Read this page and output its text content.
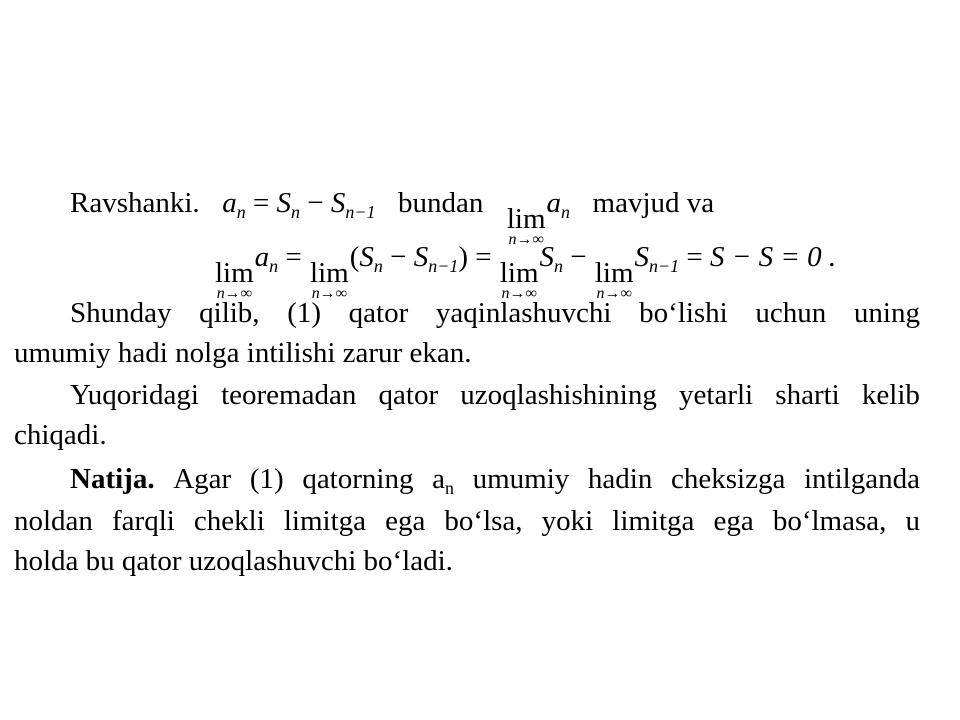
Ravshanki. $a_n = S_n - S_{n-1}$ bundan lim
n→∞
$a_n$ mavjud va
lim
n→∞
$a_n = \lim$
n→∞
$(S_n - S_{n-1}) = \lim$
n→∞
$S_n - \lim$
n→∞
$S_{n-1} = S - S = 0$ .
Shunday qilib, (1) qator yaqinlashuvchi bo‘lishi uchun uning
umumiy hadi nolga intilishi zarur ekan.
Yuqoridagi teoremadan qator uzoqlashishining yetarli sharti kelib
chiqadi.
Natija. Agar (1) qatorning $a_n$ umumiy hadin cheksizga intilganda
noldan farqli chekli limitga ega bo‘lsa, yoki limitga ega bo‘lmasa, u
holda bu qator uzoqlashuvchi bo‘ladi.
